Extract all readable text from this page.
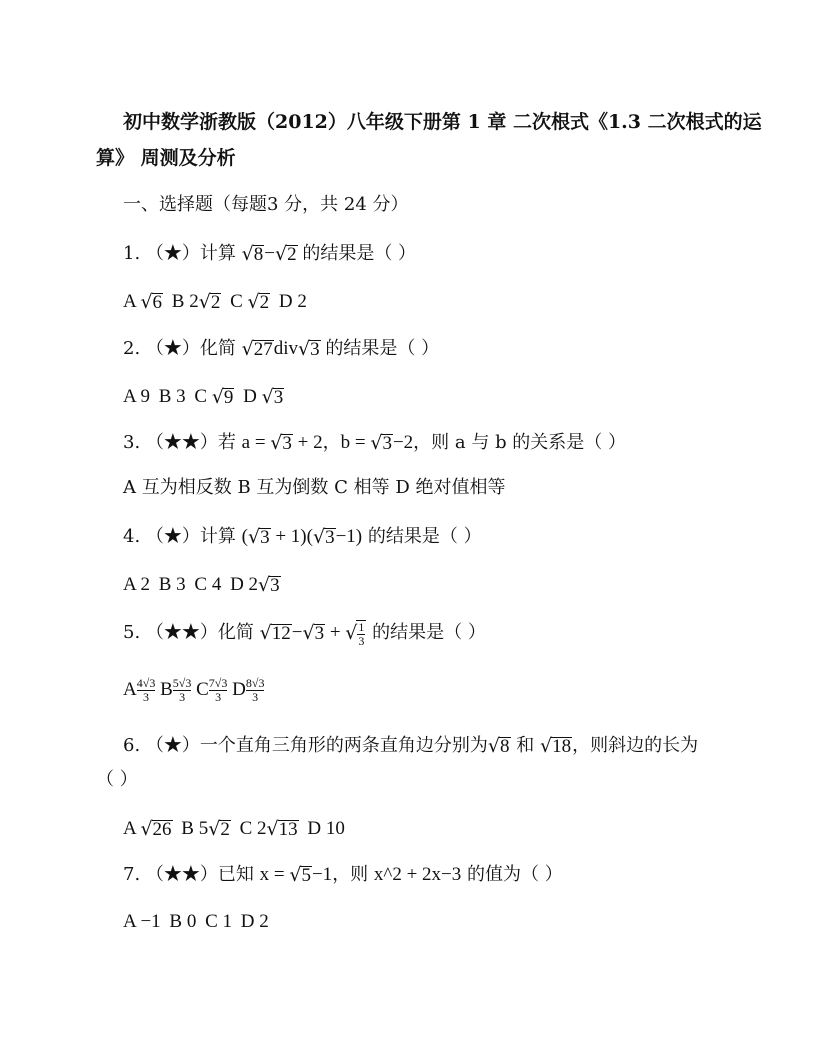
初中数学浙教版（2012）八年级下册第 1 章 二次根式《1.3 二次根式的运
算》 周测及分析
一、选择题（每题3 分，共 24 分）
1. （★）计算 √8−√2 的结果是（ ）
A √6 B 2√2 C √2 D 2
2. （★）化简 √27div√3 的结果是（ ）
A 9 B 3 C √9 D √3
3. （★★）若 a = √3 + 2，b = √3−2，则 a 与 b 的关系是（ ）
A 互为相反数 B 互为倒数 C 相等 D 绝对值相等
4. （★）计算 (√3 + 1)(√3−1) 的结果是（ ）
A 2 B 3 C 4 D 2√3
5. （★★）化简 √12−√3 + √ $\frac{1}{3}$ 的结果是（ ）
A $\frac{4√3}{3}$ B $\frac{5√3}{3}$ C $\frac{7√3}{3}$ D $\frac{8√3}{3}$
6. （★）一个直角三角形的两条直角边分别为√8 和 √18，则斜边的长为
（ ）
A √26 B 5√2 C 2√13 D 10
7. （★★）已知 x = √5−1，则 x^2 + 2x−3 的值为（ ）
A −1 B 0 C 1 D 2
